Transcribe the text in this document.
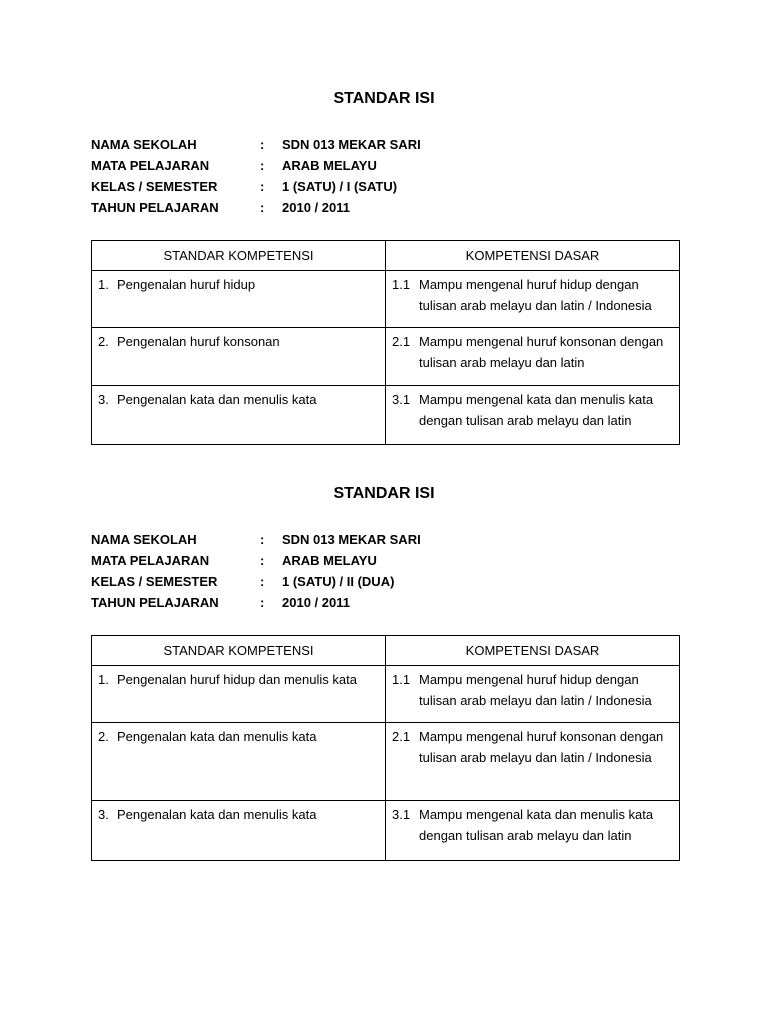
STANDAR ISI
NAMA SEKOLAH	: SDN 013 MEKAR SARI
MATA PELAJARAN	: ARAB MELAYU
KELAS / SEMESTER	: 1 (SATU) / I (SATU)
TAHUN PELAJARAN	: 2010 / 2011
STANDAR KOMPETENSI	KOMPETENSI DASAR

1. Pengenalan huruf hidup	1.1 Mampu mengenal huruf hidup dengan tulisan arab melayu dan latin / Indonesia

2. Pengenalan huruf konsonan	2.1 Mampu mengenal huruf konsonan dengan tulisan arab melayu dan latin

3. Pengenalan kata dan menulis kata	3.1 Mampu mengenal kata dan menulis kata dengan tulisan arab melayu dan latin
STANDAR ISI
NAMA SEKOLAH	: SDN 013 MEKAR SARI
MATA PELAJARAN	: ARAB MELAYU
KELAS / SEMESTER	: 1 (SATU) / II (DUA)
TAHUN PELAJARAN	: 2010 / 2011
STANDAR KOMPETENSI	KOMPETENSI DASAR

1. Pengenalan huruf hidup dan menulis kata	1.1 Mampu mengenal huruf hidup dengan tulisan arab melayu dan latin / Indonesia

2. Pengenalan kata dan menulis kata	2.1 Mampu mengenal huruf konsonan dengan tulisan arab melayu dan latin / Indonesia

3. Pengenalan kata dan menulis kata	3.1 Mampu mengenal kata dan menulis kata dengan tulisan arab melayu dan latin
